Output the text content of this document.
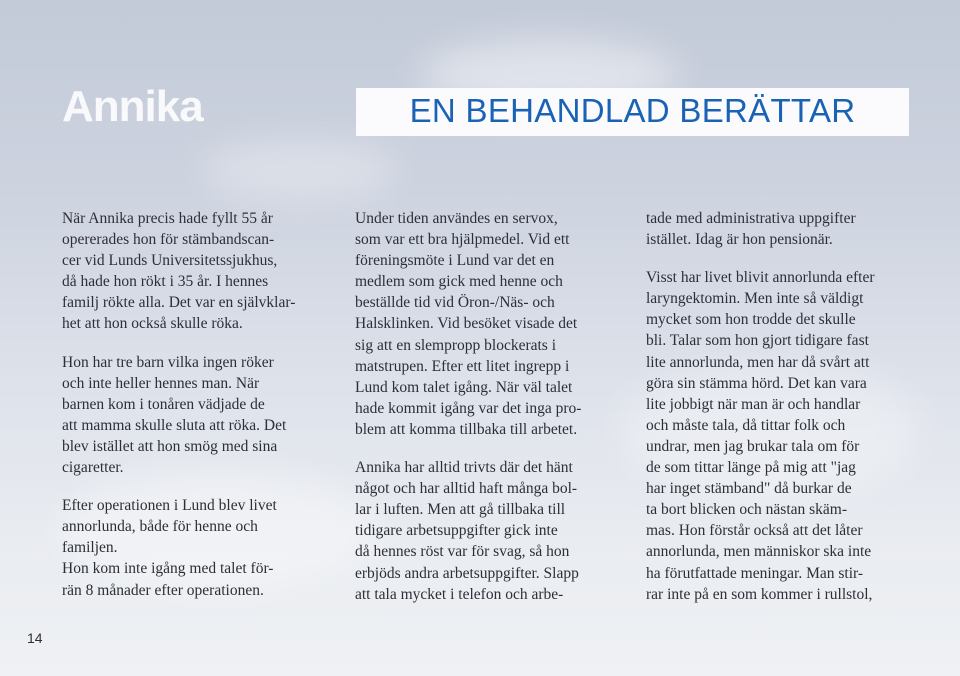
Annika	EN BEHANDLAD BERÄTTAR

När Annika precis hade fyllt 55 år
opererades hon för stämbandscan-
cer vid Lunds Universitetssjukhus,
då hade hon rökt i 35 år. I hennes
familj rökte alla. Det var en självklar-
het att hon också skulle röka.

Hon har tre barn vilka ingen röker
och inte heller hennes man. När
barnen kom i tonåren vädjade de
att mamma skulle sluta att röka. Det
blev istället att hon smög med sina
cigaretter.

Efter operationen i Lund blev livet
annorlunda, både för henne och
familjen.
Hon kom inte igång med talet för-
rän 8 månader efter operationen.

Under tiden användes en servox,
som var ett bra hjälpmedel. Vid ett
föreningsmöte i Lund var det en
medlem som gick med henne och
beställde tid vid Öron-/Näs- och
Halsklinken. Vid besöket visade det
sig att en slempropp blockerats i
matstrupen. Efter ett litet ingrepp i
Lund kom talet igång. När väl talet
hade kommit igång var det inga pro-
blem att komma tillbaka till arbetet.

Annika har alltid trivts där det hänt
något och har alltid haft många bol-
lar i luften. Men att gå tillbaka till
tidigare arbetsuppgifter gick inte
då hennes röst var för svag, så hon
erbjöds andra arbetsuppgifter. Slapp
att tala mycket i telefon och arbe-

tade med administrativa uppgifter
istället. Idag är hon pensionär.

Visst har livet blivit annorlunda efter
laryngektomin. Men inte så väldigt
mycket som hon trodde det skulle
bli. Talar som hon gjort tidigare fast
lite annorlunda, men har då svårt att
göra sin stämma hörd. Det kan vara
lite jobbigt när man är och handlar
och måste tala, då tittar folk och
undrar, men jag brukar tala om för
de som tittar länge på mig att "jag
har inget stämband" då burkar de
ta bort blicken och nästan skäm-
mas. Hon förstår också att det låter
annorlunda, men människor ska inte
ha förutfattade meningar. Man stir-
rar inte på en som kommer i rullstol,

14
